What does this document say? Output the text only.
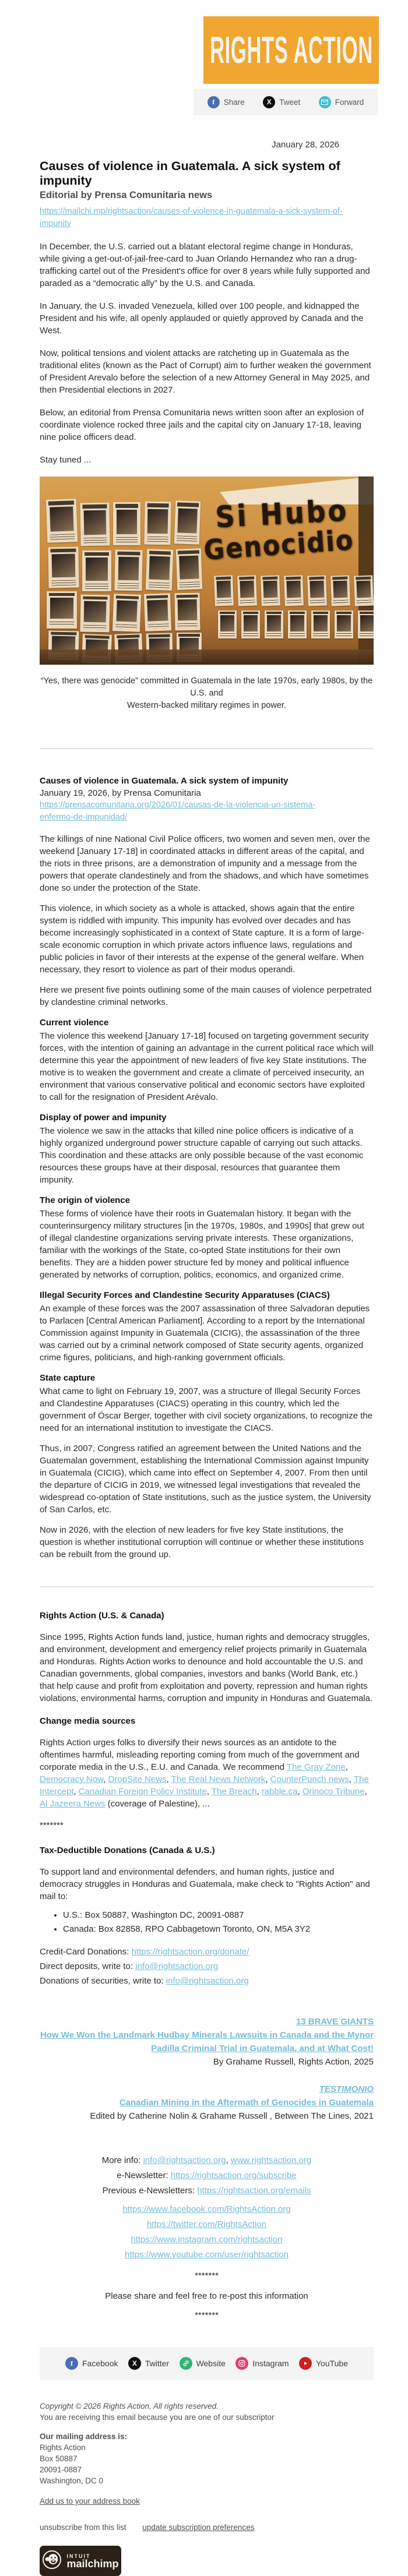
RIGHTS ACTION
f	Share	X	Tweet	Forward
January 28, 2026
Causes of violence in Guatemala. A sick system of impunity
Editorial by Prensa Comunitaria news
https://mailchi.mp/rightsaction/causes-of-violence-in-guatemala-a-sick-system-of-impunity

In December, the U.S. carried out a blatant electoral regime change in Honduras, while giving a get-out-of-jail-free-card to Juan Orlando Hernandez who ran a drug-trafficking cartel out of the President's office for over 8 years while fully supported and paraded as a “democratic ally” by the U.S. and Canada.

In January, the U.S. invaded Venezuela, killed over 100 people, and kidnapped the President and his wife, all openly applauded or quietly approved by Canada and the West.

Now, political tensions and violent attacks are ratcheting up in Guatemala as the traditional elites (known as the Pact of Corrupt) aim to further weaken the government of President Arevalo before the selection of a new Attorney General in May 2025, and then Presidential elections in 2027.

Below, an editorial from Prensa Comunitaria news written soon after an explosion of coordinate violence rocked three jails and the capital city on January 17-18, leaving nine police officers dead.

Stay tuned ...

Si Hubo
Genocidio
“Yes, there was genocide” committed in Guatemala in the late 1970s, early 1980s, by the U.S. and
Western-backed military regimes in power.

Causes of violence in Guatemala. A sick system of impunity

January 19, 2026, by Prensa Comunitaria

https://prensacomunitaria.org/2026/01/causas-de-la-violencia-un-sistema-enfermo-de-impunidad/

The killings of nine National Civil Police officers, two women and seven men, over the weekend [January 17-18] in coordinated attacks in different areas of the capital, and the riots in three prisons, are a demonstration of impunity and a message from the powers that operate clandestinely and from the shadows, and which have sometimes done so under the protection of the State.

This violence, in which society as a whole is attacked, shows again that the entire system is riddled with impunity. This impunity has evolved over decades and has become increasingly sophisticated in a context of State capture. It is a form of large-scale economic corruption in which private actors influence laws, regulations and public policies in favor of their interests at the expense of the general welfare. When necessary, they resort to violence as part of their modus operandi.

Here we present five points outlining some of the main causes of violence perpetrated by clandestine criminal networks.

Current violence

The violence this weekend [January 17-18] focused on targeting government security forces, with the intention of gaining an advantage in the current political race which will determine this year the appointment of new leaders of five key State institutions. The motive is to weaken the government and create a climate of perceived insecurity, an environment that various conservative political and economic sectors have exploited to call for the resignation of President Arévalo.

Display of power and impunity

The violence we saw in the attacks that killed nine police officers is indicative of a highly organized underground power structure capable of carrying out such attacks. This coordination and these attacks are only possible because of the vast economic resources these groups have at their disposal, resources that guarantee them impunity.

The origin of violence

These forms of violence have their roots in Guatemalan history. It began with the counterinsurgency military structures [in the 1970s, 1980s, and 1990s] that grew out of illegal clandestine organizations serving private interests. These organizations, familiar with the workings of the State, co-opted State institutions for their own benefits. They are a hidden power structure fed by money and political influence generated by networks of corruption, politics, economics, and organized crime.

Illegal Security Forces and Clandestine Security Apparatuses (CIACS)

An example of these forces was the 2007 assassination of three Salvadoran deputies to Parlacen [Central American Parliament]. According to a report by the International Commission against Impunity in Guatemala (CICIG), the assassination of the three was carried out by a criminal network composed of State security agents, organized crime figures, politicians, and high-ranking government officials.

State capture

What came to light on February 19, 2007, was a structure of Illegal Security Forces and Clandestine Apparatuses (CIACS) operating in this country, which led the government of Óscar Berger, together with civil society organizations, to recognize the need for an international institution to investigate the CIACS.

Thus, in 2007, Congress ratified an agreement between the United Nations and the Guatemalan government, establishing the International Commission against Impunity in Guatemala (CICIG), which came into effect on September 4, 2007. From then until the departure of CICIG in 2019, we witnessed legal investigations that revealed the widespread co-optation of State institutions, such as the justice system, the University of San Carlos, etc.

Now in 2026, with the election of new leaders for five key State institutions, the question is whether institutional corruption will continue or whether these institutions can be rebuilt from the ground up.

Rights Action (U.S. & Canada)

Since 1995, Rights Action funds land, justice, human rights and democracy struggles, and environment, development and emergency relief projects primarily in Guatemala and Honduras. Rights Action works to denounce and hold accountable the U.S. and Canadian governments, global companies, investors and banks (World Bank, etc.) that help cause and profit from exploitation and poverty, repression and human rights violations, environmental harms, corruption and impunity in Honduras and Guatemala.

Change media sources

Rights Action urges folks to diversify their news sources as an antidote to the oftentimes harmful, misleading reporting coming from much of the government and corporate media in the U.S., E.U. and Canada. We recommend The Gray Zone, Democracy Now, DropSite News, The Real News Network, CounterPunch news, The Intercept, Canadian Foreign Policy Institute, The Breach, rabble.ca, Orinoco Tribune, Al Jazeera News (coverage of Palestine), ...

*******
Tax-Deductible Donations (Canada & U.S.)

To support land and environmental defenders, and human rights, justice and democracy struggles in Honduras and Guatemala, make check to "Rights Action" and mail to:

• U.S.: Box 50887, Washington DC, 20091-0887
• Canada: Box 82858, RPO Cabbagetown Toronto, ON, M5A 3Y2

Credit-Card Donations: https://rightsaction.org/donate/

Direct deposits, write to: info@rightsaction.org

Donations of securities, write to: info@rightsaction.org

13 BRAVE GIANTS
How We Won the Landmark Hudbay Minerals Lawsuits in Canada and the Mynor Padilla Criminal Trial in Guatemala, and at What Cost!
By Grahame Russell, Rights Action, 2025
TESTIMONIO
Canadian Mining in the Aftermath of Genocides in Guatemala
Edited by Catherine Nolin & Grahame Russell , Between The Lines, 2021
More info: info@rightsaction.org, www.rightsaction.org
e-Newsletter: https://rightsaction.org/subscribe
Previous e-Newsletters: https://rightsaction.org/emails
https://www.facebook.com/RightsAction.org
https://twitter.com/RightsAction
https://www.instagram.com/rightsaction
https://www.youtube.com/user/rightsaction
*******
Please share and feel free to re-post this information
*******
f	Facebook	X	Twitter	Website	Instagram	YouTube
Copyright © 2026 Rights Action, All rights reserved.
You are receiving this email because you are one of our subscriptor
Our mailing address is:
Rights Action
Box 50887
20091-0887
Washington, DC 0
Add us to your address book
unsubscribe from this list update subscription preferences
INTUIT
mailchimp
